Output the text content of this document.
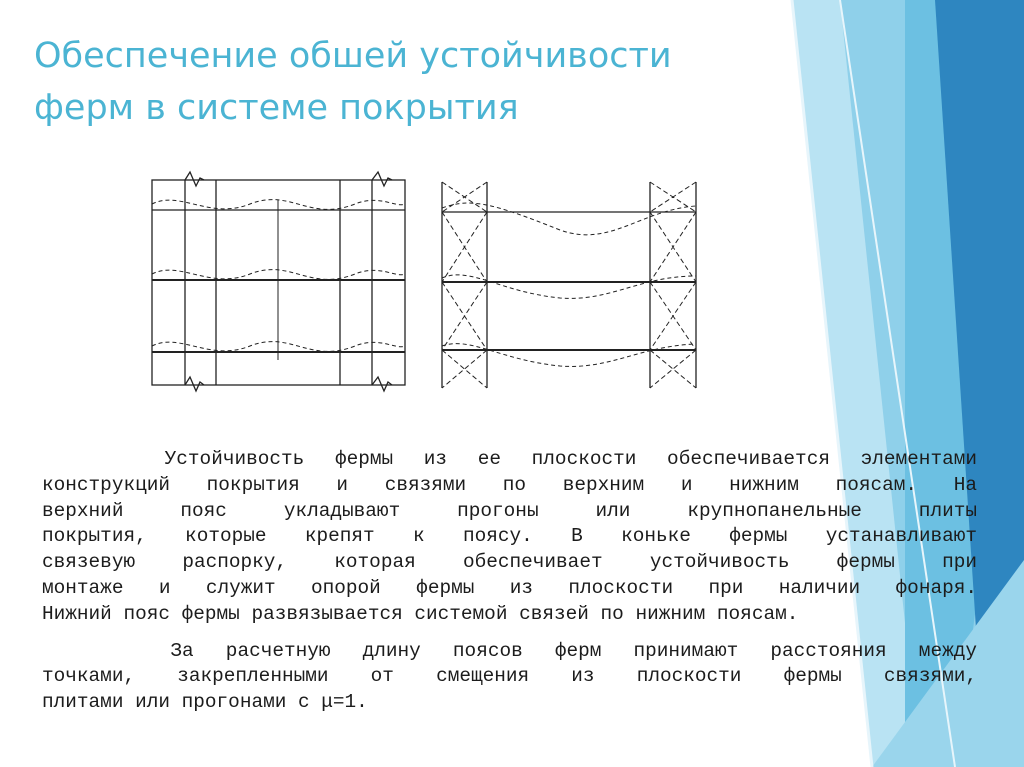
Обеспечение обшей устойчивости
ферм в системе покрытия
Устойчивость фермы из ее плоскости обеспечивается элементами
конструкций покрытия и связями по верхним и нижним поясам. На
верхний пояс укладывают прогоны или крупнопанельные плиты
покрытия, которые крепят к поясу. В коньке фермы устанавливают
связевую распорку, которая обеспечивает устойчивость фермы при
монтаже и служит опорой фермы из плоскости при наличии фонаря.
Нижний пояс фермы развязывается системой связей по нижним поясам.
За расчетную длину поясов ферм принимают расстояния между
точками, закрепленными от смещения из плоскости фермы связями,
плитами или прогонами с μ=1.
